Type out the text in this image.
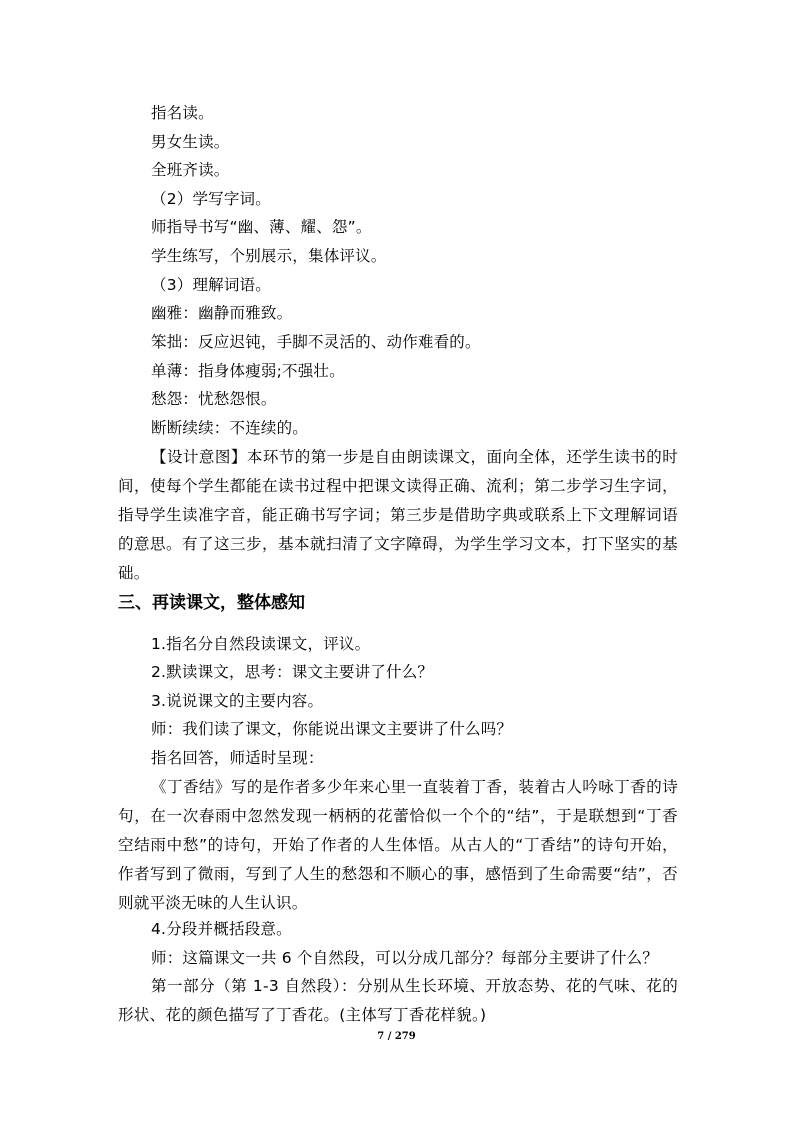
指名读。
男女生读。
全班齐读。
（2）学写字词。
师指导书写“幽、薄、耀、怨”。
学生练写，个别展示，集体评议。
（3）理解词语。
幽雅：幽静而雅致。
笨拙：反应迟钝，手脚不灵活的、动作难看的。
单薄：指身体瘦弱;不强壮。
愁怨：忧愁怨恨。
断断续续：不连续的。
【设计意图】本环节的第一步是自由朗读课文，面向全体，还学生读书的时间，使每个学生都能在读书过程中把课文读得正确、流利；第二步学习生字词，指导学生读准字音，能正确书写字词；第三步是借助字典或联系上下文理解词语的意思。有了这三步，基本就扫清了文字障碍，为学生学习文本，打下坚实的基础。
三、再读课文，整体感知
1.指名分自然段读课文，评议。
2.默读课文，思考：课文主要讲了什么？
3.说说课文的主要内容。
师：我们读了课文，你能说出课文主要讲了什么吗？
指名回答，师适时呈现：
《丁香结》写的是作者多少年来心里一直装着丁香，装着古人吟咏丁香的诗句，在一次春雨中忽然发现一柄柄的花蕾恰似一个个的“结”，于是联想到“丁香空结雨中愁”的诗句，开始了作者的人生体悟。从古人的“丁香结”的诗句开始，作者写到了微雨，写到了人生的愁怨和不顺心的事，感悟到了生命需要“结”，否则就平淡无味的人生认识。
4.分段并概括段意。
师：这篇课文一共 6 个自然段，可以分成几部分？每部分主要讲了什么？
第一部分（第 1-3 自然段）：分别从生长环境、开放态势、花的气味、花的形状、花的颜色描写了丁香花。(主体写丁香花样貌。)
7 / 279
